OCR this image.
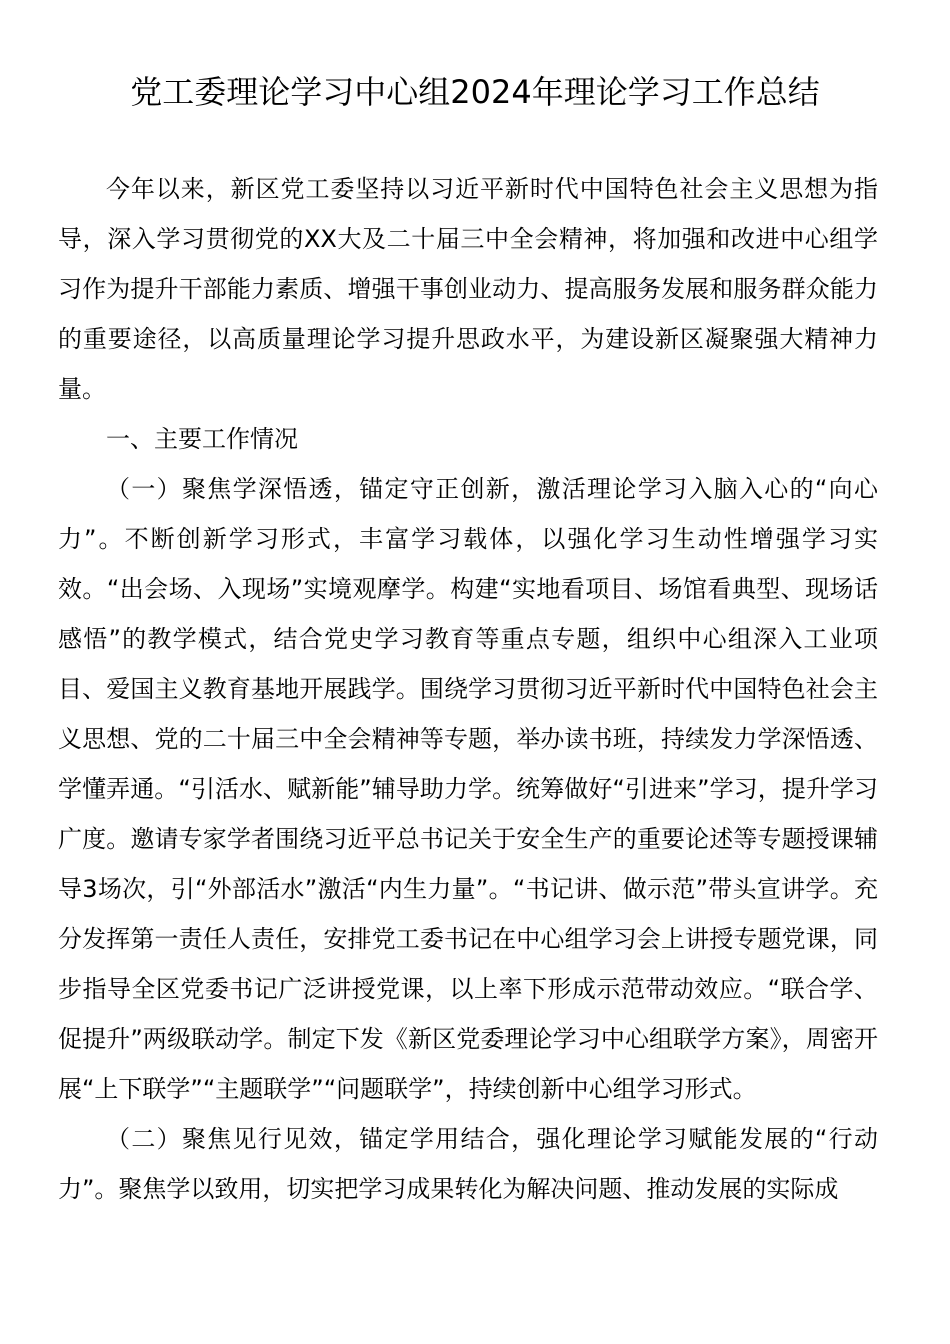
党工委理论学习中心组2024年理论学习工作总结

今年以来，新区党工委坚持以习近平新时代中国特色社会主义思想为指导，深入学习贯彻党的XX大及二十届三中全会精神，将加强和改进中心组学习作为提升干部能力素质、增强干事创业动力、提高服务发展和服务群众能力的重要途径，以高质量理论学习提升思政水平，为建设新区凝聚强大精神力量。

一、主要工作情况

（一）聚焦学深悟透，锚定守正创新，激活理论学习入脑入心的“向心力”。不断创新学习形式，丰富学习载体，以强化学习生动性增强学习实效。“出会场、入现场”实境观摩学。构建“实地看项目、场馆看典型、现场话感悟”的教学模式，结合党史学习教育等重点专题，组织中心组深入工业项目、爱国主义教育基地开展践学。围绕学习贯彻习近平新时代中国特色社会主义思想、党的二十届三中全会精神等专题，举办读书班，持续发力学深悟透、学懂弄通。“引活水、赋新能”辅导助力学。统筹做好“引进来”学习，提升学习广度。邀请专家学者围绕习近平总书记关于安全生产的重要论述等专题授课辅导3场次，引“外部活水”激活“内生力量”。“书记讲、做示范”带头宣讲学。充分发挥第一责任人责任，安排党工委书记在中心组学习会上讲授专题党课，同步指导全区党委书记广泛讲授党课，以上率下形成示范带动效应。“联合学、促提升”两级联动学。制定下发《新区党委理论学习中心组联学方案》，周密开展“上下联学”“主题联学”“问题联学”，持续创新中心组学习形式。

（二）聚焦见行见效，锚定学用结合，强化理论学习赋能发展的“行动力”。聚焦学以致用，切实把学习成果转化为解决问题、推动发展的实际成
